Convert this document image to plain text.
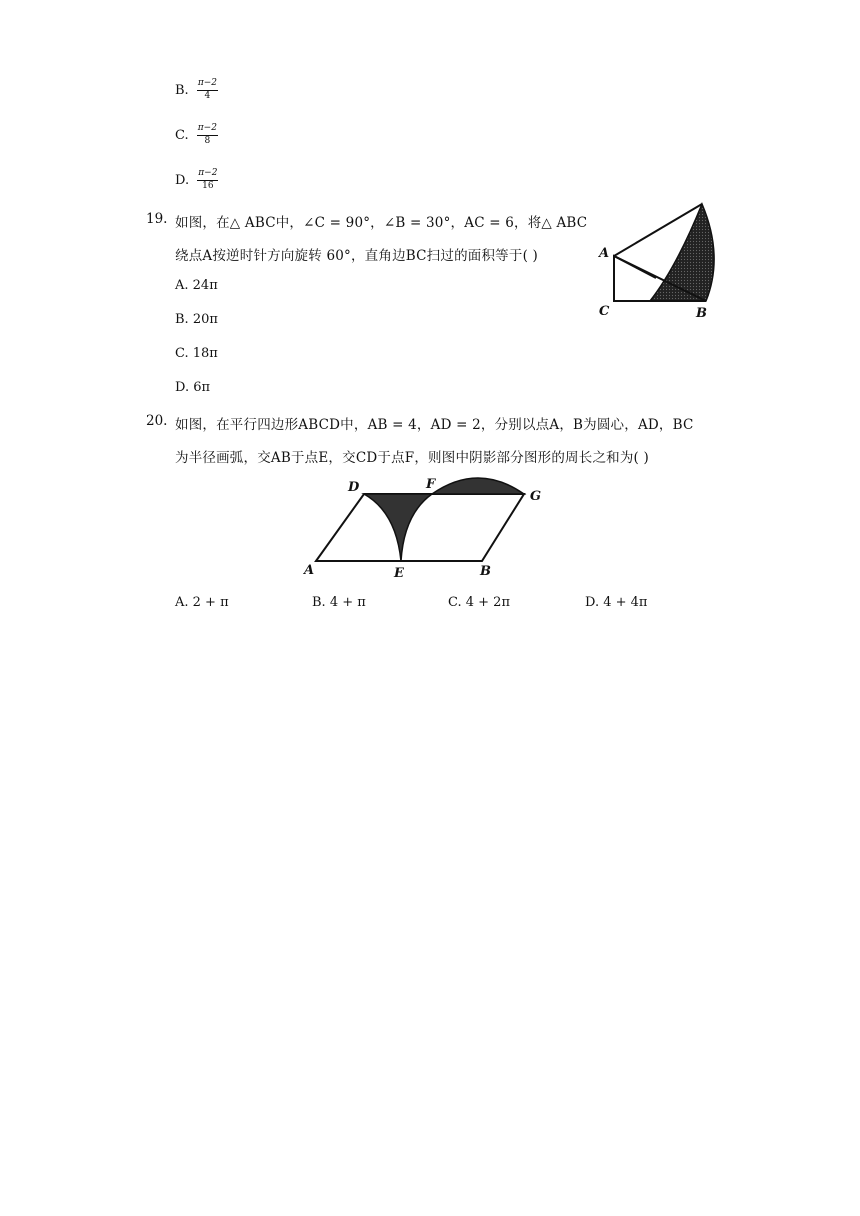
B. $\frac{\pi-2}{4}$
C. $\frac{\pi-2}{8}$
D. $\frac{\pi-2}{16}$
19. 如图，在△ ABC中，∠C = 90°，∠B = 30°，AC = 6，将△ ABC
绕点A按逆时针方向旋转 60°，直角边BC扫过的面积等于( )
A. 24π
B. 20π
C. 18π
D. 6π
A
C	B
20. 如图，在平行四边形ABCD中，AB = 4，AD = 2，分别以点A，B为圆心，AD，BC
为半径画弧，交AB于点E，交CD于点F，则图中阴影部分图形的周长之和为( )
D	F
G
A	E	B
A. 2 + π	B. 4 + π	C. 4 + 2π	D. 4 + 4π
